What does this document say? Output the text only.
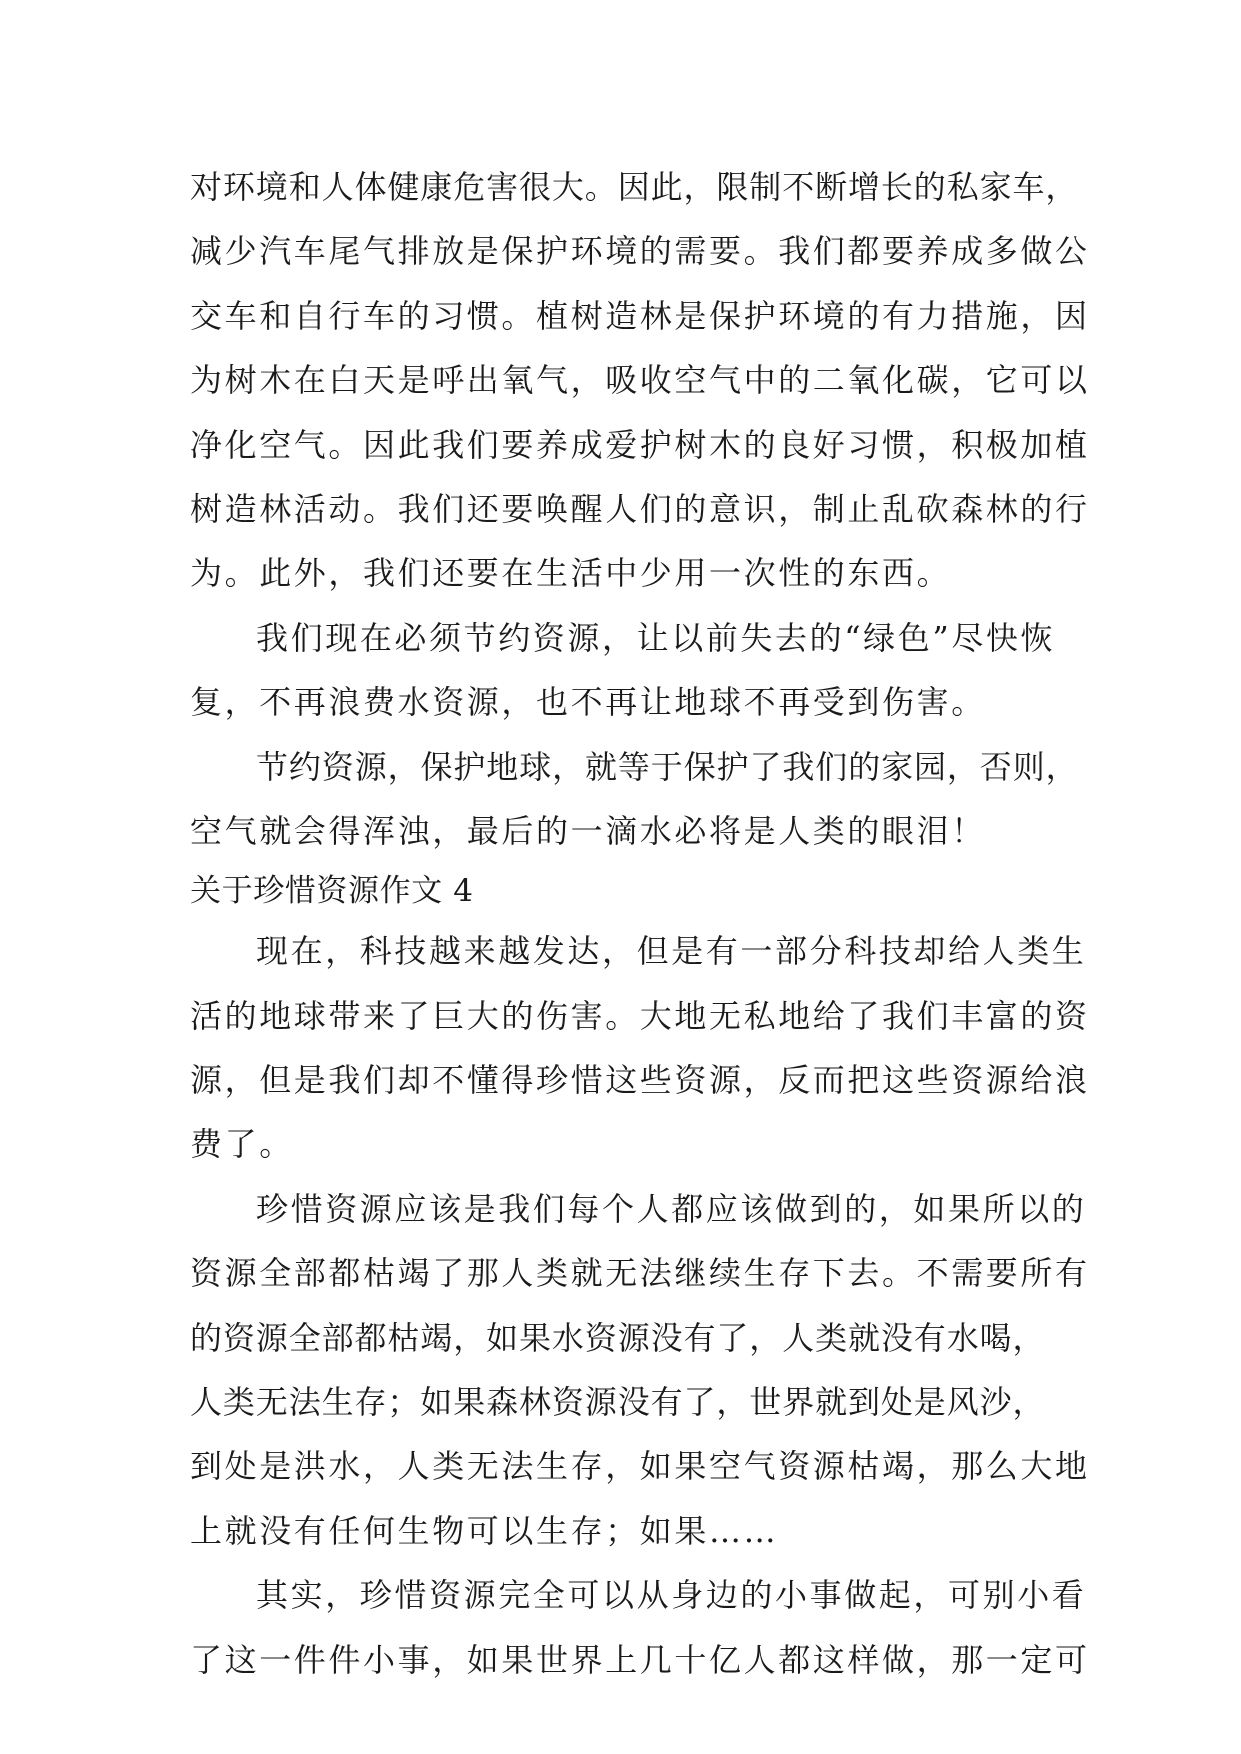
对环境和人体健康危害很大。因此，限制不断增长的私家车，
减少汽车尾气排放是保护环境的需要。我们都要养成多做公
交车和自行车的习惯。植树造林是保护环境的有力措施，因
为树木在白天是呼出氧气，吸收空气中的二氧化碳，它可以
净化空气。因此我们要养成爱护树木的良好习惯，积极加植
树造林活动。我们还要唤醒人们的意识，制止乱砍森林的行
为。此外，我们还要在生活中少用一次性的东西。
我们现在必须节约资源，让以前失去的“绿色”尽快恢
复，不再浪费水资源，也不再让地球不再受到伤害。
节约资源，保护地球，就等于保护了我们的家园，否则，
空气就会得浑浊，最后的一滴水必将是人类的眼泪！
关于珍惜资源作文 4
现在，科技越来越发达，但是有一部分科技却给人类生
活的地球带来了巨大的伤害。大地无私地给了我们丰富的资
源，但是我们却不懂得珍惜这些资源，反而把这些资源给浪
费了。
珍惜资源应该是我们每个人都应该做到的，如果所以的
资源全部都枯竭了那人类就无法继续生存下去。不需要所有
的资源全部都枯竭，如果水资源没有了，人类就没有水喝，
人类无法生存；如果森林资源没有了，世界就到处是风沙，
到处是洪水，人类无法生存，如果空气资源枯竭，那么大地
上就没有任何生物可以生存；如果……
其实，珍惜资源完全可以从身边的小事做起，可别小看
了这一件件小事，如果世界上几十亿人都这样做，那一定可
